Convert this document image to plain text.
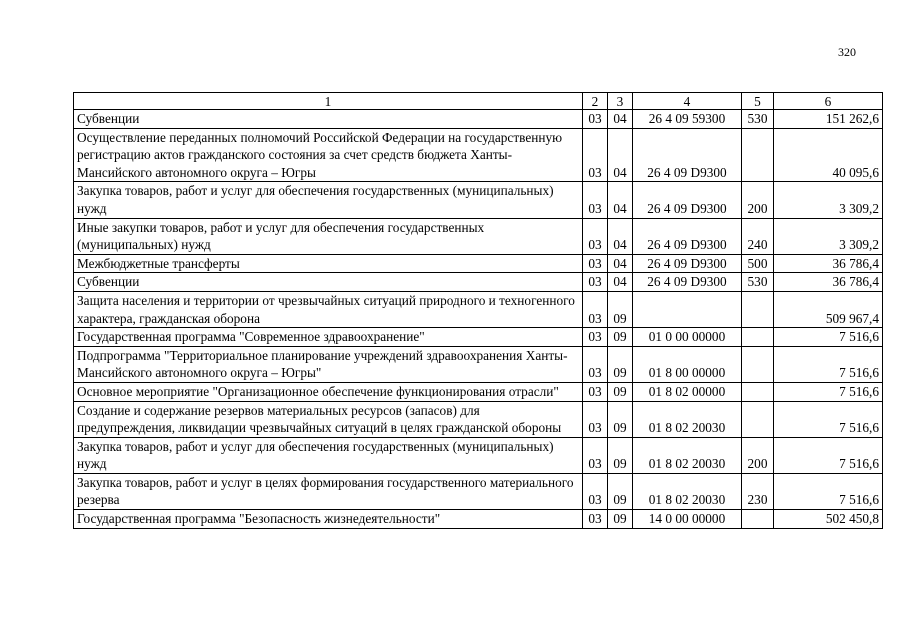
320
1	2	3	4	5	6
Субвенции	03	04	26 4 09 59300	530	151 262,6
Осуществление переданных полномочий Российской Федерации на государственную регистрацию актов гражданского состояния за счет средств бюджета Ханты-Мансийского автономного округа – Югры	03	04	26 4 09 D9300		40 095,6
Закупка товаров, работ и услуг для обеспечения государственных (муниципальных) нужд	03	04	26 4 09 D9300	200	3 309,2
Иные закупки товаров, работ и услуг для обеспечения государственных (муниципальных) нужд	03	04	26 4 09 D9300	240	3 309,2
Межбюджетные трансферты	03	04	26 4 09 D9300	500	36 786,4
Субвенции	03	04	26 4 09 D9300	530	36 786,4
Защита населения и территории от чрезвычайных ситуаций природного и техногенного характера, гражданская оборона	03	09			509 967,4
Государственная программа "Современное здравоохранение"	03	09	01 0 00 00000		7 516,6
Подпрограмма "Территориальное планирование учреждений здравоохранения Ханты-Мансийского автономного округа – Югры"	03	09	01 8 00 00000		7 516,6
Основное мероприятие "Организационное обеспечение функционирования отрасли"	03	09	01 8 02 00000		7 516,6
Создание и содержание резервов материальных ресурсов (запасов) для предупреждения, ликвидации чрезвычайных ситуаций в целях гражданской обороны	03	09	01 8 02 20030		7 516,6
Закупка товаров, работ и услуг для обеспечения государственных (муниципальных) нужд	03	09	01 8 02 20030	200	7 516,6
Закупка товаров, работ и услуг в целях формирования государственного материального резерва	03	09	01 8 02 20030	230	7 516,6
Государственная программа "Безопасность жизнедеятельности"	03	09	14 0 00 00000		502 450,8
